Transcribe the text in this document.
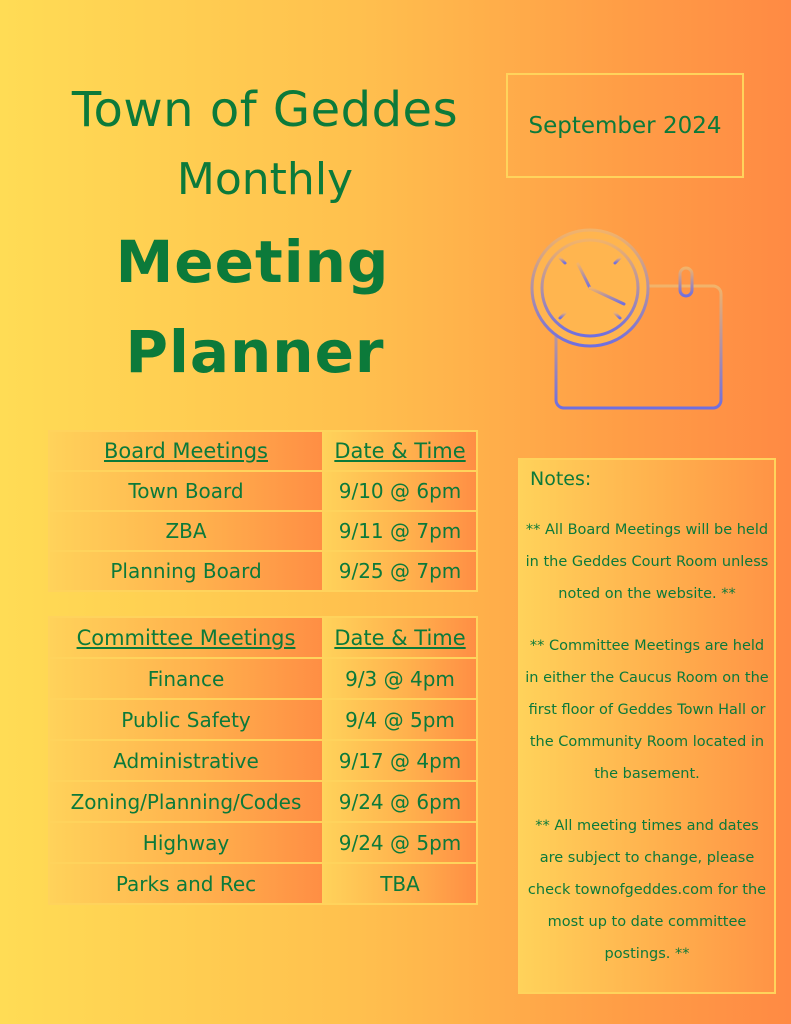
Town of Geddes
Monthly
Meeting
Planner
September 2024
Board Meetings	Date & Time
Town Board	9/10 @ 6pm
ZBA	9/11 @ 7pm
Planning Board	9/25 @ 7pm
Committee Meetings	Date & Time
Finance	9/3 @ 4pm
Public Safety	9/4 @ 5pm
Administrative	9/17 @ 4pm
Zoning/Planning/Codes	9/24 @ 6pm
Highway	9/24 @ 5pm
Parks and Rec	TBA
Notes:
** All Board Meetings will be held in the Geddes Court Room unless noted on the website. **
** Committee Meetings are held in either the Caucus Room on the first floor of Geddes Town Hall or the Community Room located in the basement.
** All meeting times and dates are subject to change, please check townofgeddes.com for the most up to date committee postings. **
